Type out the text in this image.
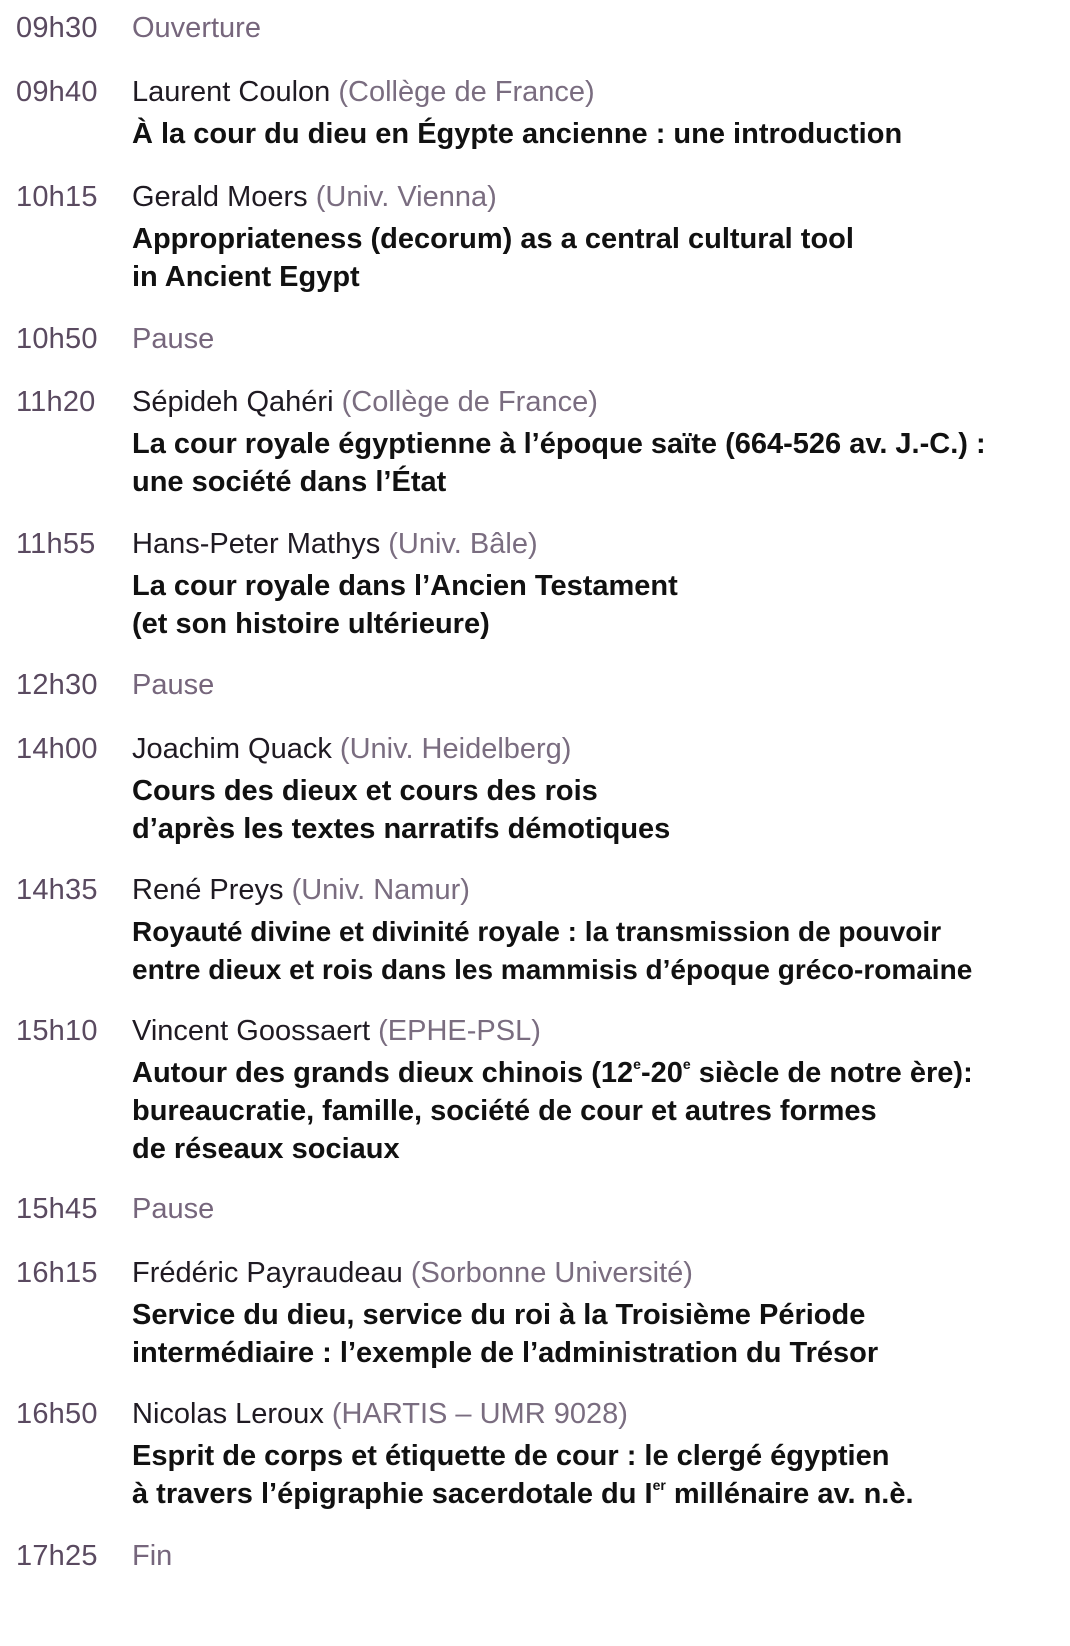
09h30	Ouverture
09h40	Laurent Coulon (Collège de France)
À la cour du dieu en Égypte ancienne : une introduction
10h15	Gerald Moers (Univ. Vienna)
Appropriateness (decorum) as a central cultural tool
in Ancient Egypt
10h50	Pause
11h20	Sépideh Qahéri (Collège de France)
La cour royale égyptienne à l’époque saïte (664-526 av. J.-C.) :
une société dans l’État
11h55	Hans-Peter Mathys (Univ. Bâle)
La cour royale dans l’Ancien Testament
(et son histoire ultérieure)
12h30	Pause
14h00	Joachim Quack (Univ. Heidelberg)
Cours des dieux et cours des rois
d’après les textes narratifs démotiques
14h35	René Preys (Univ. Namur)
Royauté divine et divinité royale : la transmission de pouvoir
entre dieux et rois dans les mammisis d’époque gréco-romaine
15h10	Vincent Goossaert (EPHE-PSL)
Autour des grands dieux chinois (12e-20e siècle de notre ère):
bureaucratie, famille, société de cour et autres formes
de réseaux sociaux
15h45	Pause
16h15	Frédéric Payraudeau (Sorbonne Université)
Service du dieu, service du roi à la Troisième Période
intermédiaire : l’exemple de l’administration du Trésor
16h50	Nicolas Leroux (HARTIS – UMR 9028)
Esprit de corps et étiquette de cour : le clergé égyptien
à travers l’épigraphie sacerdotale du Ier millénaire av. n.è.
17h25	Fin
